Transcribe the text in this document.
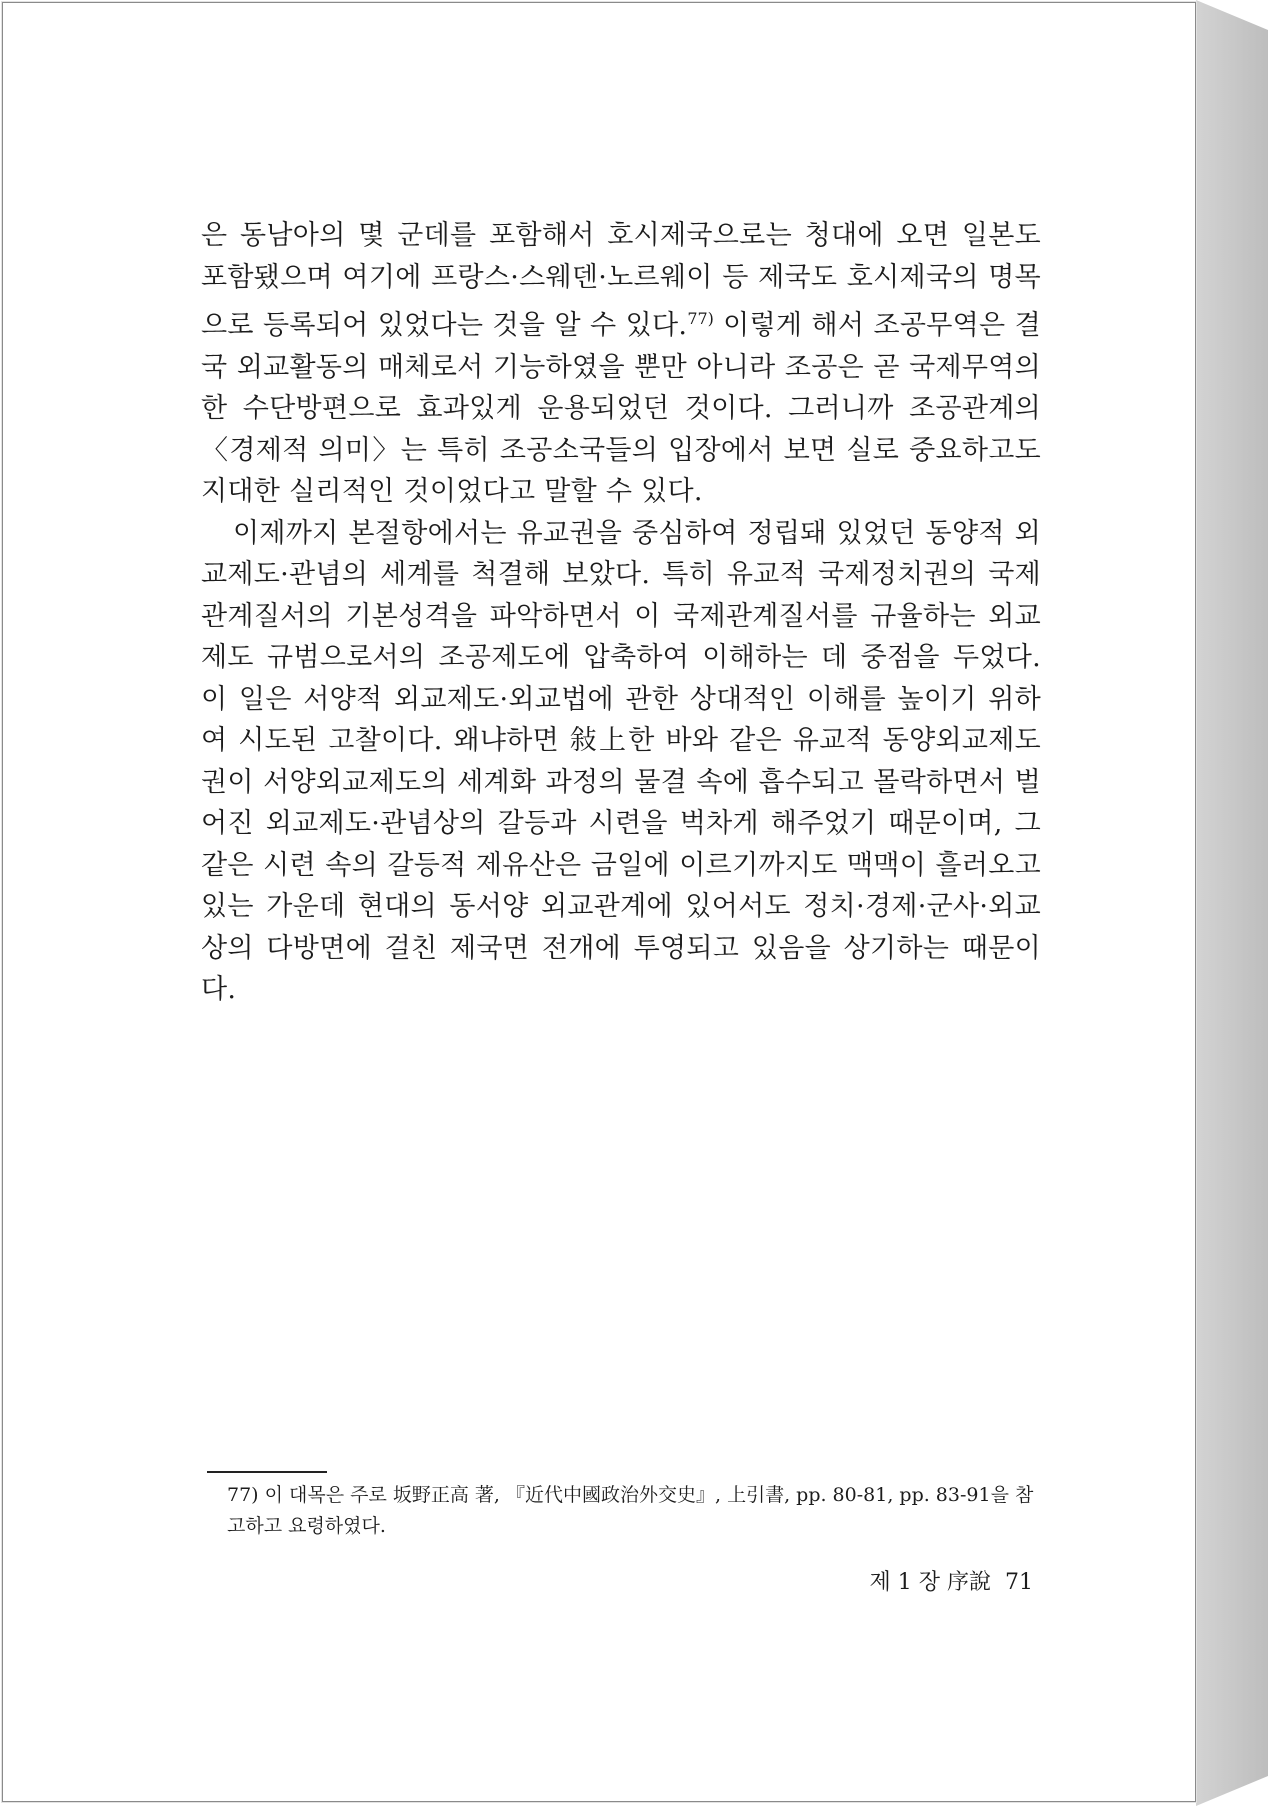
은 동남아의 몇 군데를 포함해서 호시제국으로는 청대에 오면 일본도 포함됐으며 여기에 프랑스·스웨덴·노르웨이 등 제국도 호시제국의 명목으로 등록되어 있었다는 것을 알 수 있다.$^{77)}$ 이렇게 해서 조공무역은 결국 외교활동의 매체로서 기능하였을 뿐만 아니라 조공은 곧 국제무역의 한 수단방편으로 효과있게 운용되었던 것이다. 그러니까 조공관계의 〈경제적 의미〉는 특히 조공소국들의 입장에서 보면 실로 중요하고도 지대한 실리적인 것이었다고 말할 수 있다.

이제까지 본절항에서는 유교권을 중심하여 정립돼 있었던 동양적 외교제도·관념의 세계를 척결해 보았다. 특히 유교적 국제정치권의 국제관계질서의 기본성격을 파악하면서 이 국제관계질서를 규율하는 외교제도 규범으로서의 조공제도에 압축하여 이해하는 데 중점을 두었다. 이 일은 서양적 외교제도·외교법에 관한 상대적인 이해를 높이기 위하여 시도된 고찰이다. 왜냐하면 敍上한 바와 같은 유교적 동양외교제도권이 서양외교제도의 세계화 과정의 물결 속에 흡수되고 몰락하면서 벌어진 외교제도·관념상의 갈등과 시련을 벅차게 해주었기 때문이며, 그같은 시련 속의 갈등적 제유산은 금일에 이르기까지도 맥맥이 흘러오고 있는 가운데 현대의 동서양 외교관계에 있어서도 정치·경제·군사·외교상의 다방면에 걸친 제국면 전개에 투영되고 있음을 상기하는 때문이다.

77) 이 대목은 주로 坂野正高 著, 『近代中國政治外交史』, 上引書, pp. 80-81, pp. 83-91을 참고하고 요령하였다.

제 1 장 序說 71
